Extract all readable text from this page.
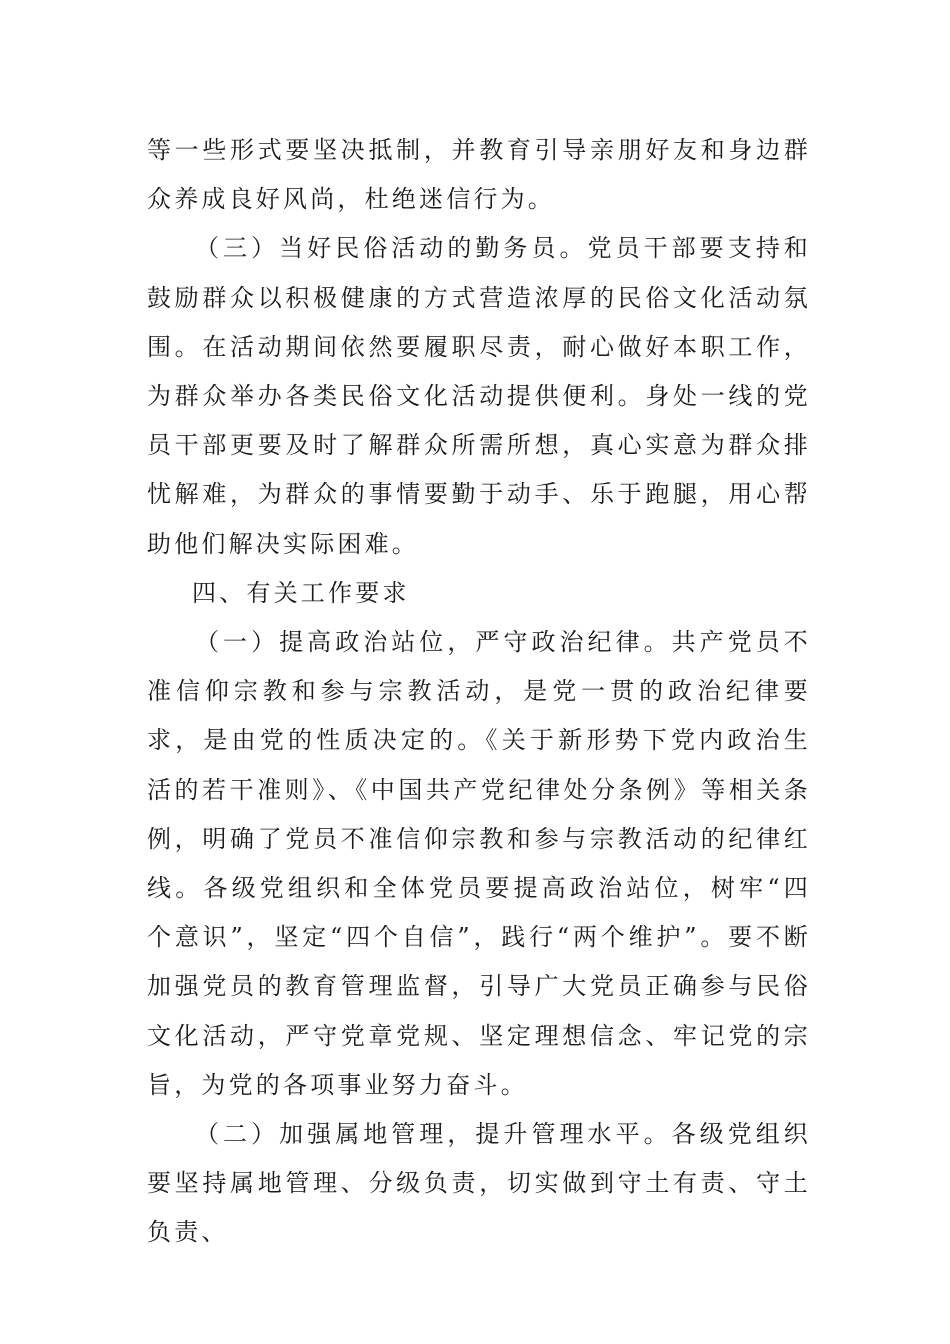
等一些形式要坚决抵制，并教育引导亲朋好友和身边群众养成良好风尚，杜绝迷信行为。

（三）当好民俗活动的勤务员。党员干部要支持和鼓励群众以积极健康的方式营造浓厚的民俗文化活动氛围。在活动期间依然要履职尽责，耐心做好本职工作，为群众举办各类民俗文化活动提供便利。身处一线的党员干部更要及时了解群众所需所想，真心实意为群众排忧解难，为群众的事情要勤于动手、乐于跑腿，用心帮助他们解决实际困难。

四、有关工作要求

（一）提高政治站位，严守政治纪律。共产党员不准信仰宗教和参与宗教活动，是党一贯的政治纪律要求，是由党的性质决定的。《关于新形势下党内政治生活的若干准则》、《中国共产党纪律处分条例》等相关条例，明确了党员不准信仰宗教和参与宗教活动的纪律红线。各级党组织和全体党员要提高政治站位，树牢“四个意识”，坚定“四个自信”，践行“两个维护”。要不断加强党员的教育管理监督，引导广大党员正确参与民俗文化活动，严守党章党规、坚定理想信念、牢记党的宗旨，为党的各项事业努力奋斗。

（二）加强属地管理，提升管理水平。各级党组织要坚持属地管理、分级负责，切实做到守土有责、守土负责、
